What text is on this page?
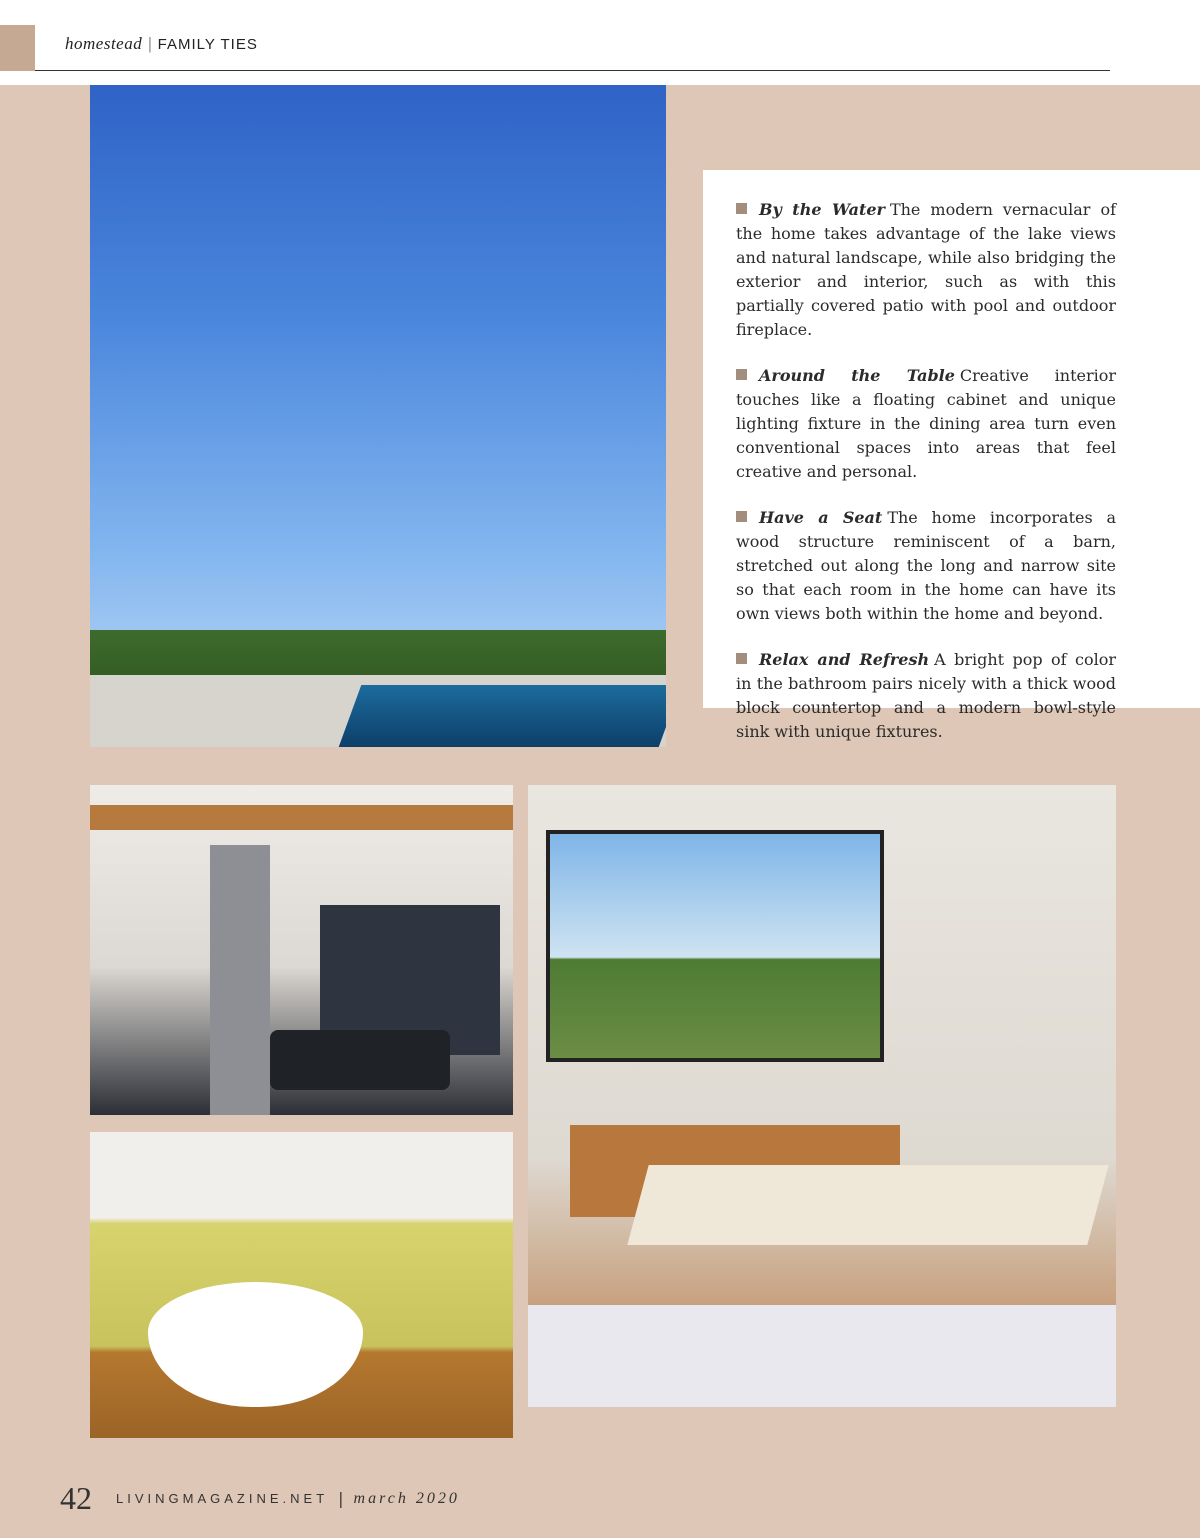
homestead | FAMILY TIES

By the Water The modern vernacular of the home takes advantage of the lake views and natural landscape, while also bridging the exterior and interior, such as with this partially covered patio with pool and outdoor fireplace.

Around the Table Creative interior touches like a floating cabinet and unique lighting fixture in the dining area turn even conventional spaces into areas that feel creative and personal.

Have a Seat The home incorporates a wood structure reminiscent of a barn, stretched out along the long and narrow site so that each room in the home can have its own views both within the home and beyond.

Relax and Refresh A bright pop of color in the bathroom pairs nicely with a thick wood block countertop and a modern bowl-style sink with unique fixtures.

42 LIVINGMAGAZINE.NET | march 2020
